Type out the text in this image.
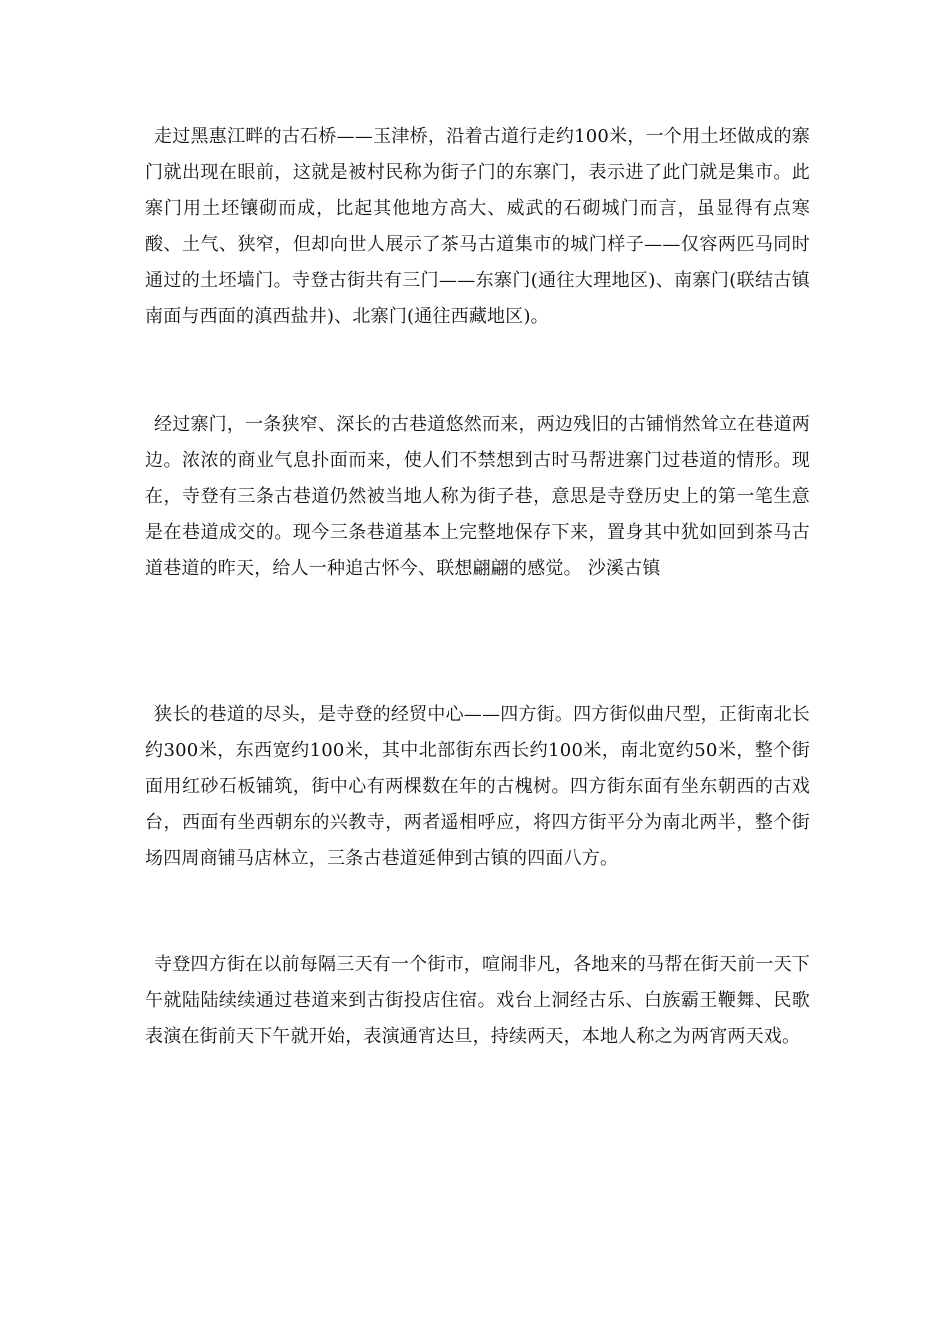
走过黑惠江畔的古石桥——玉津桥，沿着古道行走约100米，一个用土坯做成的寨门就出现在眼前，这就是被村民称为街子门的东寨门，表示进了此门就是集市。此寨门用土坯镶砌而成，比起其他地方高大、威武的石砌城门而言，虽显得有点寒酸、土气、狭窄，但却向世人展示了茶马古道集市的城门样子——仅容两匹马同时通过的土坯墙门。寺登古街共有三门——东寨门(通往大理地区)、南寨门(联结古镇南面与西面的滇西盐井)、北寨门(通往西藏地区)。

经过寨门，一条狭窄、深长的古巷道悠然而来，两边残旧的古铺悄然耸立在巷道两边。浓浓的商业气息扑面而来，使人们不禁想到古时马帮进寨门过巷道的情形。现在，寺登有三条古巷道仍然被当地人称为街子巷，意思是寺登历史上的第一笔生意是在巷道成交的。现今三条巷道基本上完整地保存下来，置身其中犹如回到茶马古道巷道的昨天，给人一种追古怀今、联想翩翩的感觉。 沙溪古镇

狭长的巷道的尽头，是寺登的经贸中心——四方街。四方街似曲尺型，正街南北长约300米，东西宽约100米，其中北部街东西长约100米，南北宽约50米，整个街面用红砂石板铺筑，街中心有两棵数在年的古槐树。四方街东面有坐东朝西的古戏台，西面有坐西朝东的兴教寺，两者遥相呼应，将四方街平分为南北两半，整个街场四周商铺马店林立，三条古巷道延伸到古镇的四面八方。

寺登四方街在以前每隔三天有一个街市，喧闹非凡，各地来的马帮在街天前一天下午就陆陆续续通过巷道来到古街投店住宿。戏台上洞经古乐、白族霸王鞭舞、民歌表演在街前天下午就开始，表演通宵达旦，持续两天，本地人称之为两宵两天戏。
